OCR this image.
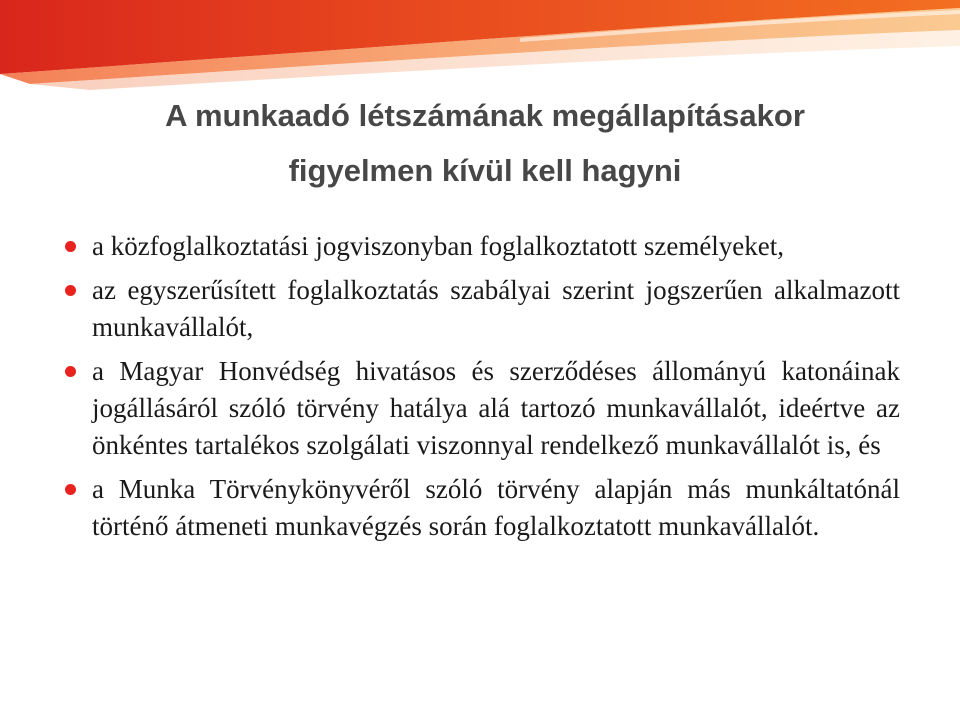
A munkaadó létszámának megállapításakor
figyelmen kívül kell hagyni
a közfoglalkoztatási jogviszonyban foglalkoztatott személyeket,
az egyszerűsített foglalkoztatás szabályai szerint jogszerűen alkalmazott munkavállalót,
a Magyar Honvédség hivatásos és szerződéses állományú katonáinak jogállásáról szóló törvény hatálya alá tartozó munkavállalót, ideértve az önkéntes tartalékos szolgálati viszonnyal rendelkező munkavállalót is, és
a Munka Törvénykönyvéről szóló törvény alapján más munkáltatónál történő átmeneti munkavégzés során foglalkoztatott munkavállalót.
